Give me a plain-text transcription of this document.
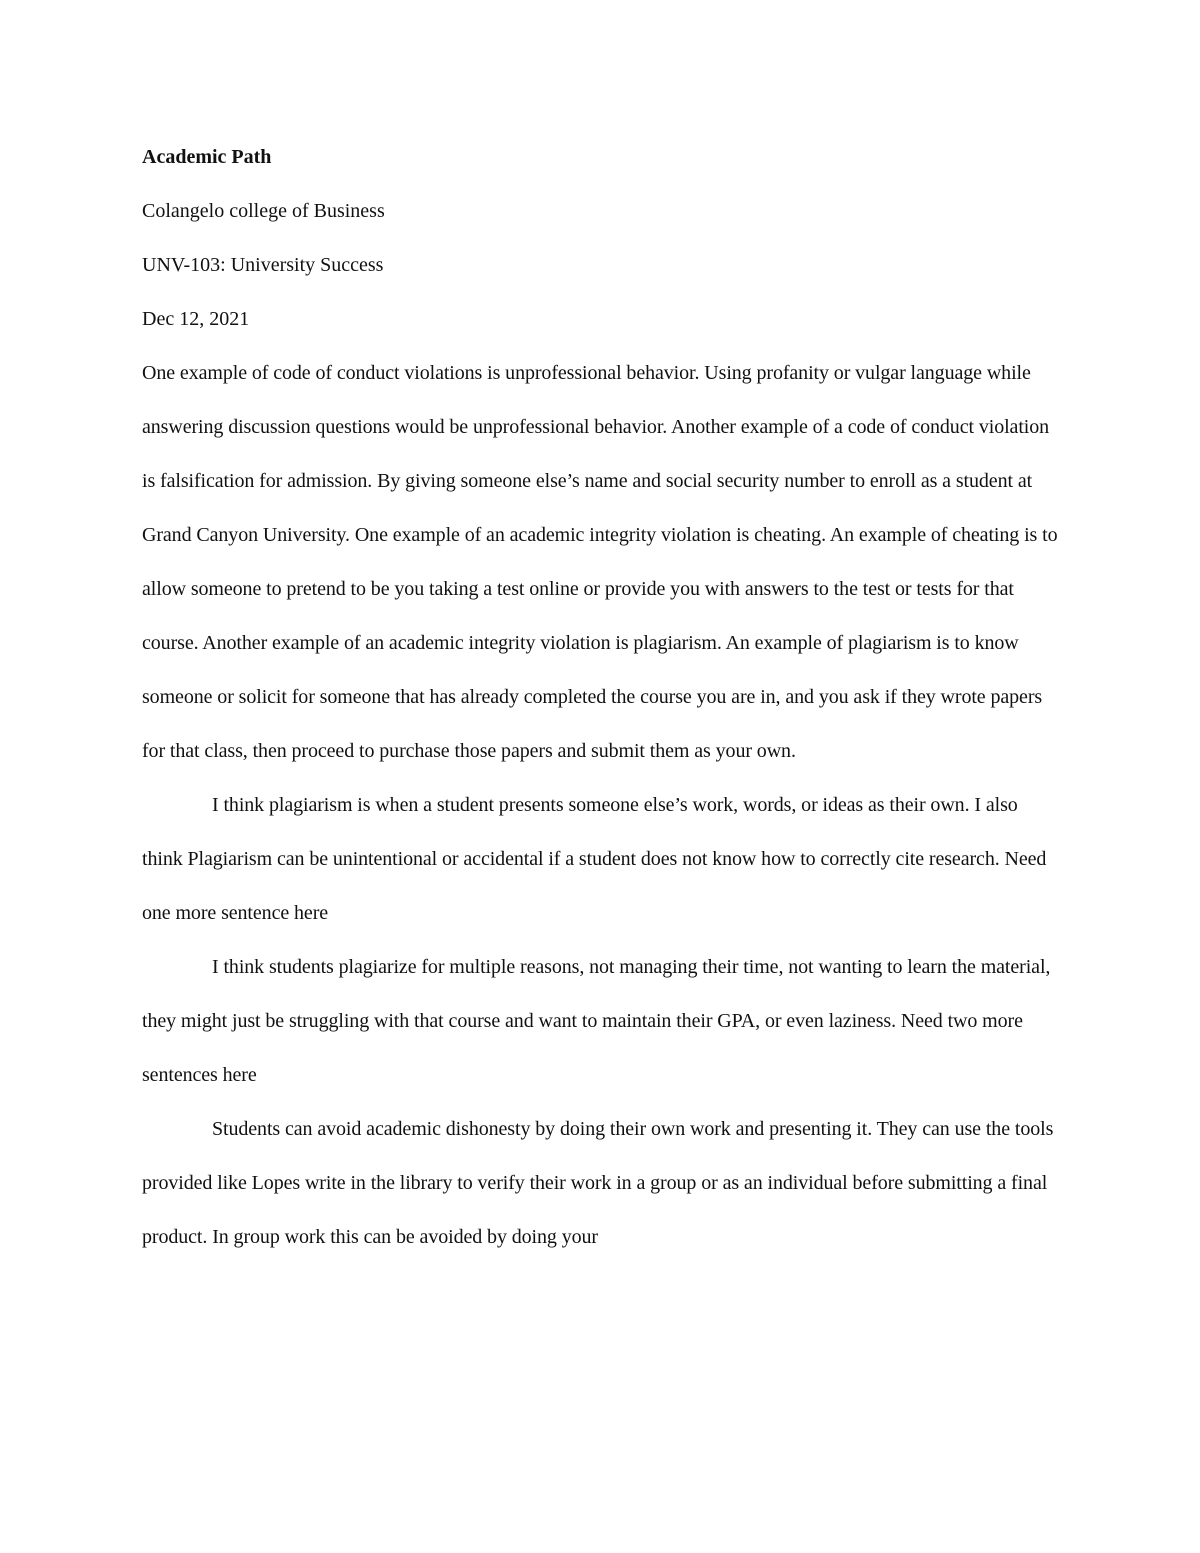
Academic Path
Colangelo college of Business
UNV-103: University Success
Dec 12, 2021

One example of code of conduct violations is unprofessional behavior. Using profanity or vulgar language while answering discussion questions would be unprofessional behavior. Another example of a code of conduct violation is falsification for admission. By giving someone else’s name and social security number to enroll as a student at Grand Canyon University. One example of an academic integrity violation is cheating. An example of cheating is to allow someone to pretend to be you taking a test online or provide you with answers to the test or tests for that course. Another example of an academic integrity violation is plagiarism. An example of plagiarism is to know someone or solicit for someone that has already completed the course you are in, and you ask if they wrote papers for that class, then proceed to purchase those papers and submit them as your own.

I think plagiarism is when a student presents someone else’s work, words, or ideas as their own. I also think Plagiarism can be unintentional or accidental if a student does not know how to correctly cite research. Need one more sentence here

I think students plagiarize for multiple reasons, not managing their time, not wanting to learn the material, they might just be struggling with that course and want to maintain their GPA, or even laziness. Need two more sentences here

Students can avoid academic dishonesty by doing their own work and presenting it. They can use the tools provided like Lopes write in the library to verify their work in a group or as an individual before submitting a final product. In group work this can be avoided by doing your
